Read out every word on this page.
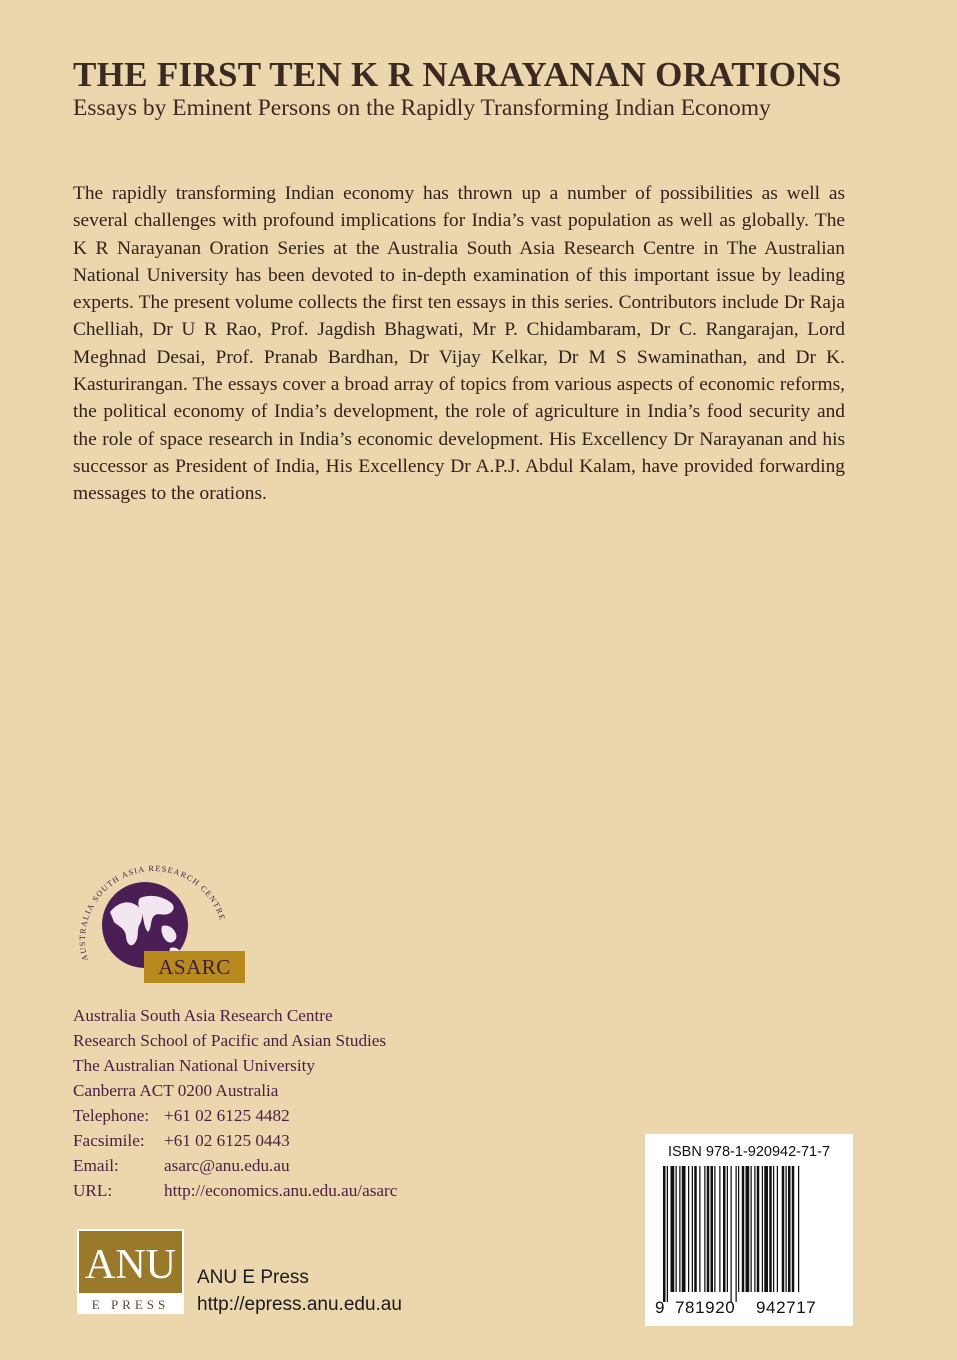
THE FIRST TEN K R NARAYANAN ORATIONS
Essays by Eminent Persons on the Rapidly Transforming Indian Economy

The rapidly transforming Indian economy has thrown up a number of possibilities as well as several challenges with profound implications for India’s vast population as well as globally. The K R Narayanan Oration Series at the Australia South Asia Research Centre in The Australian National University has been devoted to in-depth examination of this important issue by leading experts. The present volume collects the first ten essays in this series. Contributors include Dr Raja Chelliah, Dr U R Rao, Prof. Jagdish Bhagwati, Mr P. Chidambaram, Dr C. Rangarajan, Lord Meghnad Desai, Prof. Pranab Bardhan, Dr Vijay Kelkar, Dr M S Swaminathan, and Dr K. Kasturirangan. The essays cover a broad array of topics from various aspects of economic reforms, the political economy of India’s development, the role of agriculture in India’s food security and the role of space research in India’s economic development. His Excellency Dr Narayanan and his successor as President of India, His Excellency Dr A.P.J. Abdul Kalam, have provided forwarding messages to the orations.

AUSTRALIA SOUTH ASIA RESEARCH CENTRE
ASARC
Australia South Asia Research Centre
Research School of Pacific and Asian Studies
The Australian National University
Canberra ACT 0200 Australia
Telephone: +61 02 6125 4482
Facsimile: +61 02 6125 0443
Email:	asarc@anu.edu.au
URL:	http://economics.anu.edu.au/asarc
ANU
E PRESS
ANU E Press
http://epress.anu.edu.au
ISBN 978-1-920942-71-7
9 781920 942717
